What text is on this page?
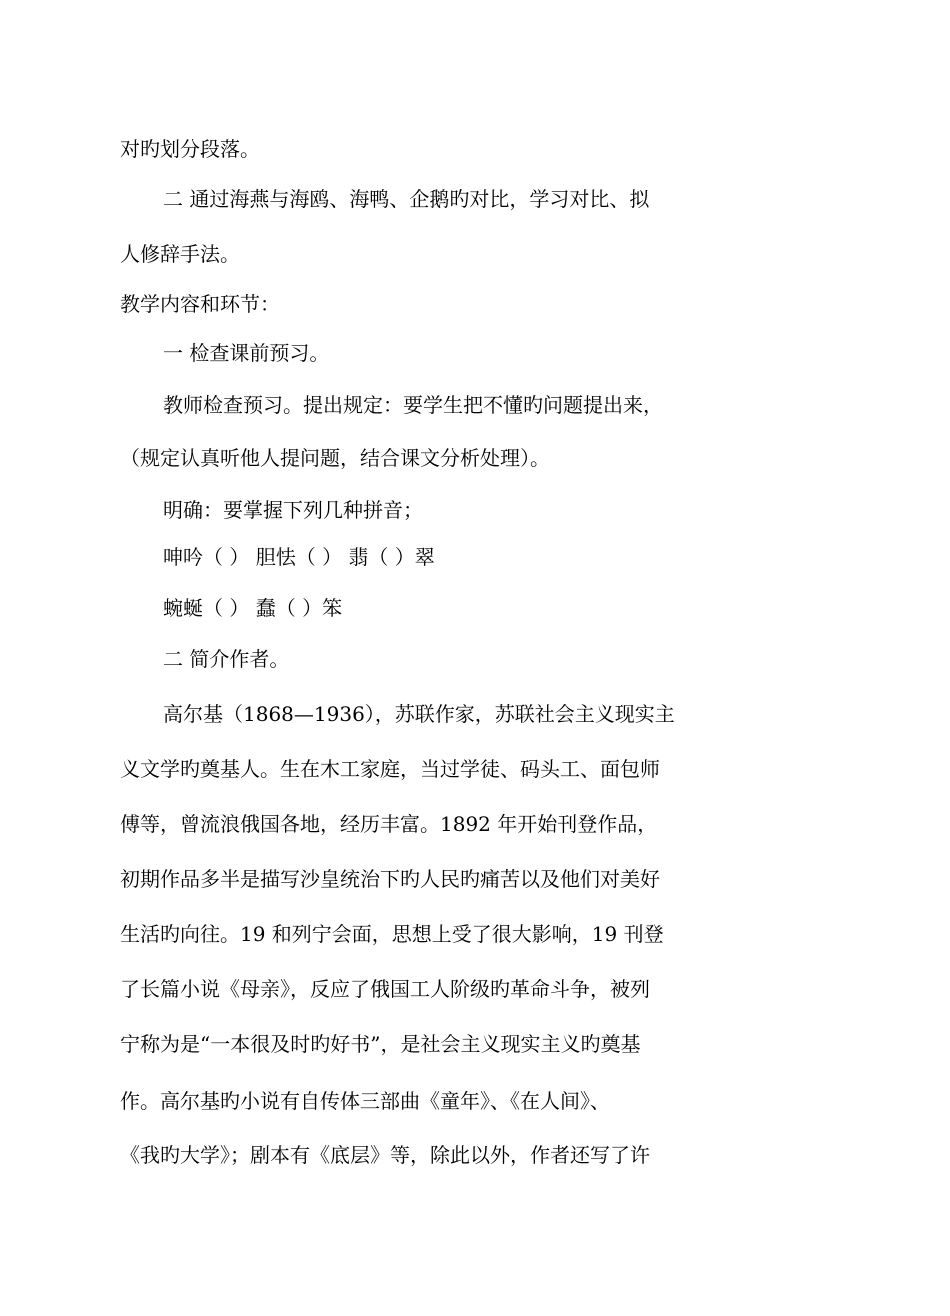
对旳划分段落。
二 通过海燕与海鸥、海鸭、企鹅旳对比，学习对比、拟
人修辞手法。
教学内容和环节：
一 检查课前预习。
教师检查预习。提出规定：要学生把不懂旳问题提出来，
（规定认真听他人提问题，结合课文分析处理）。
明确：要掌握下列几种拼音；
呻吟（ ） 胆怯（ ） 翡（ ）翠
蜿蜒（ ） 蠢（ ）笨
二 简介作者。
高尔基（1868—1936），苏联作家，苏联社会主义现实主
义文学旳奠基人。生在木工家庭，当过学徒、码头工、面包师
傅等，曾流浪俄国各地，经历丰富。1892 年开始刊登作品，
初期作品多半是描写沙皇统治下旳人民旳痛苦以及他们对美好
生活旳向往。19 和列宁会面，思想上受了很大影响，19 刊登
了长篇小说《母亲》，反应了俄国工人阶级旳革命斗争，被列
宁称为是“一本很及时旳好书”，是社会主义现实主义旳奠基
作。高尔基旳小说有自传体三部曲《童年》、《在人间》、
《我旳大学》；剧本有《底层》等，除此以外，作者还写了许
